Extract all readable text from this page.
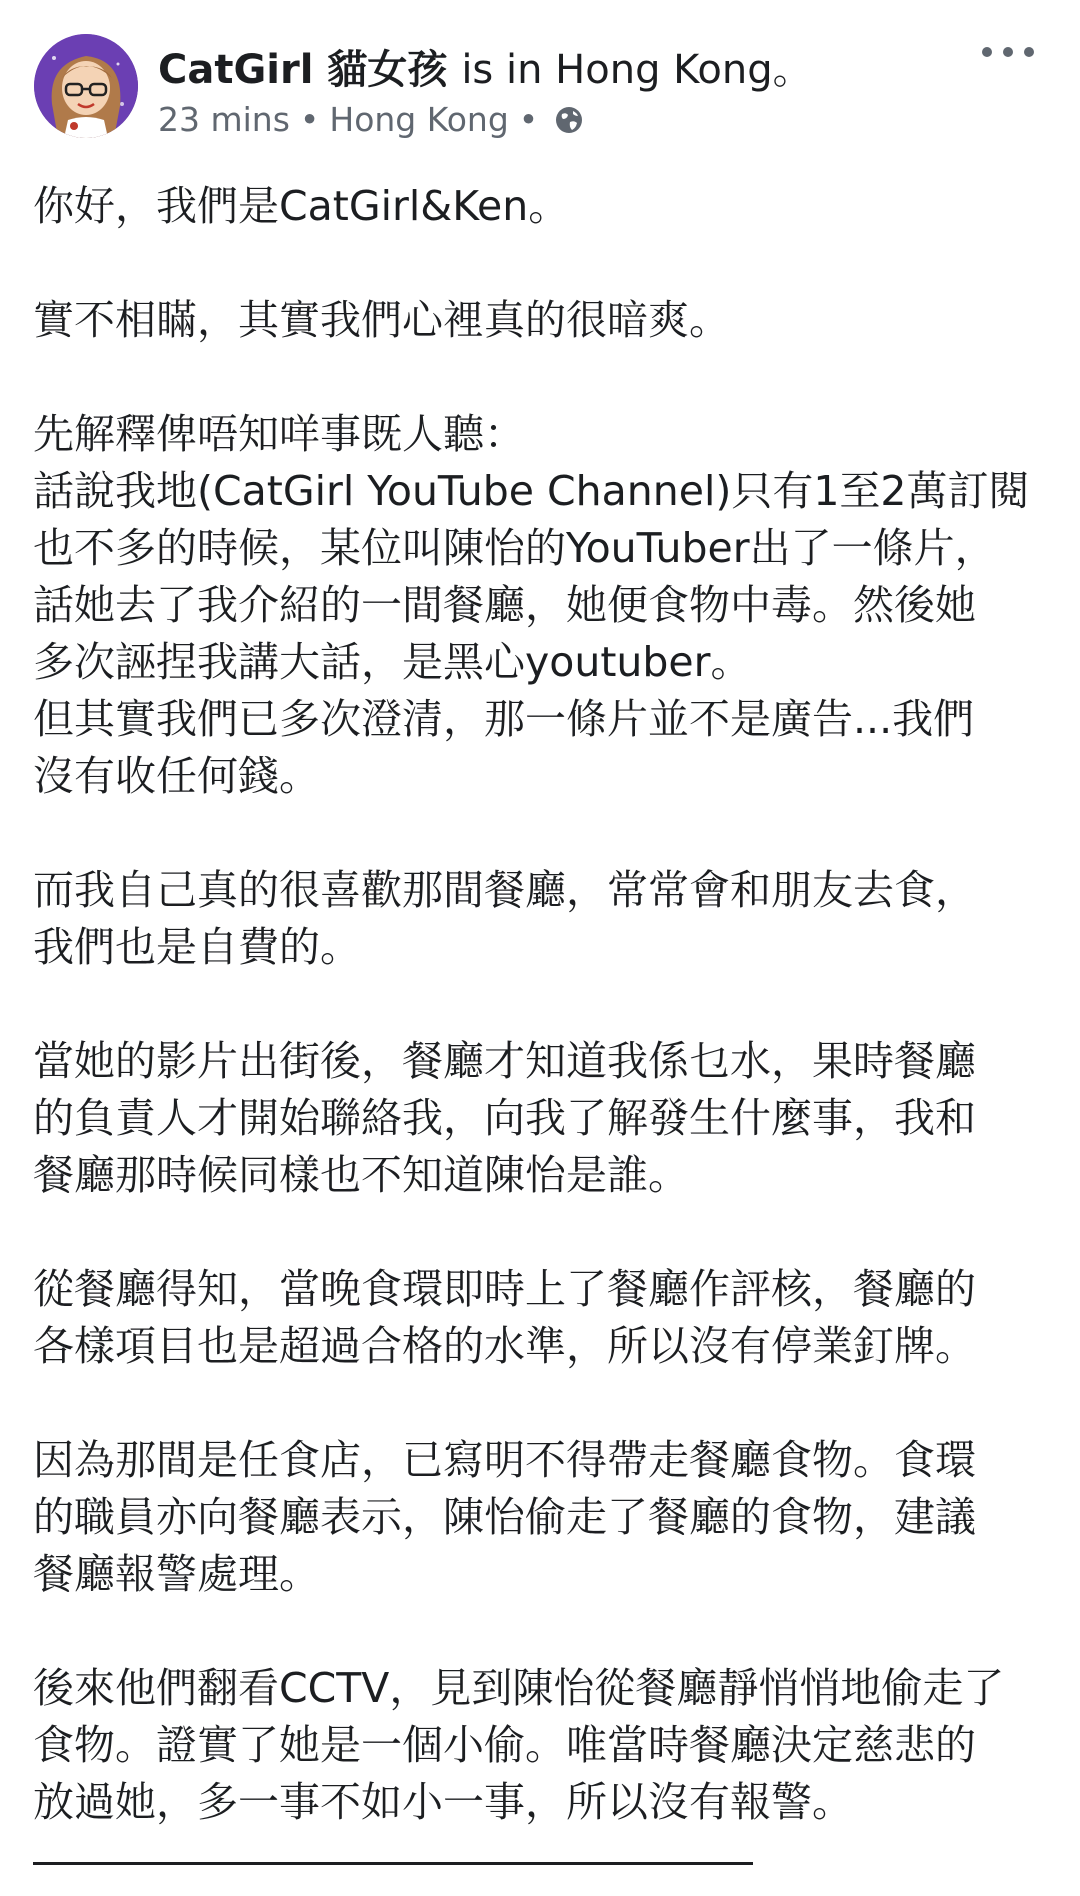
CatGirl 貓女孩 is in Hong Kong。
23 mins • Hong Kong •

你好，我們是CatGirl&Ken。

實不相瞞，其實我們心裡真的很暗爽。

先解釋俾唔知咩事既人聽：
話說我地(CatGirl YouTube Channel)只有1至2萬訂閱
也不多的時候，某位叫陳怡的YouTuber出了一條片，
話她去了我介紹的一間餐廳，她便食物中毒。然後她
多次誣捏我講大話，是黑心youtuber。
但其實我們已多次澄清，那一條片並不是廣告...我們
沒有收任何錢。

而我自己真的很喜歡那間餐廳，常常會和朋友去食，
我們也是自費的。

當她的影片出街後，餐廳才知道我係乜水，果時餐廳
的負責人才開始聯絡我，向我了解發生什麼事，我和
餐廳那時候同樣也不知道陳怡是誰。

從餐廳得知，當晚食環即時上了餐廳作評核，餐廳的
各樣項目也是超過合格的水準，所以沒有停業釘牌。

因為那間是任食店，已寫明不得帶走餐廳食物。食環
的職員亦向餐廳表示，陳怡偷走了餐廳的食物，建議
餐廳報警處理。

後來他們翻看CCTV，見到陳怡從餐廳靜悄悄地偷走了
食物。證實了她是一個小偷。唯當時餐廳決定慈悲的
放過她，多一事不如小一事，所以沒有報警。
